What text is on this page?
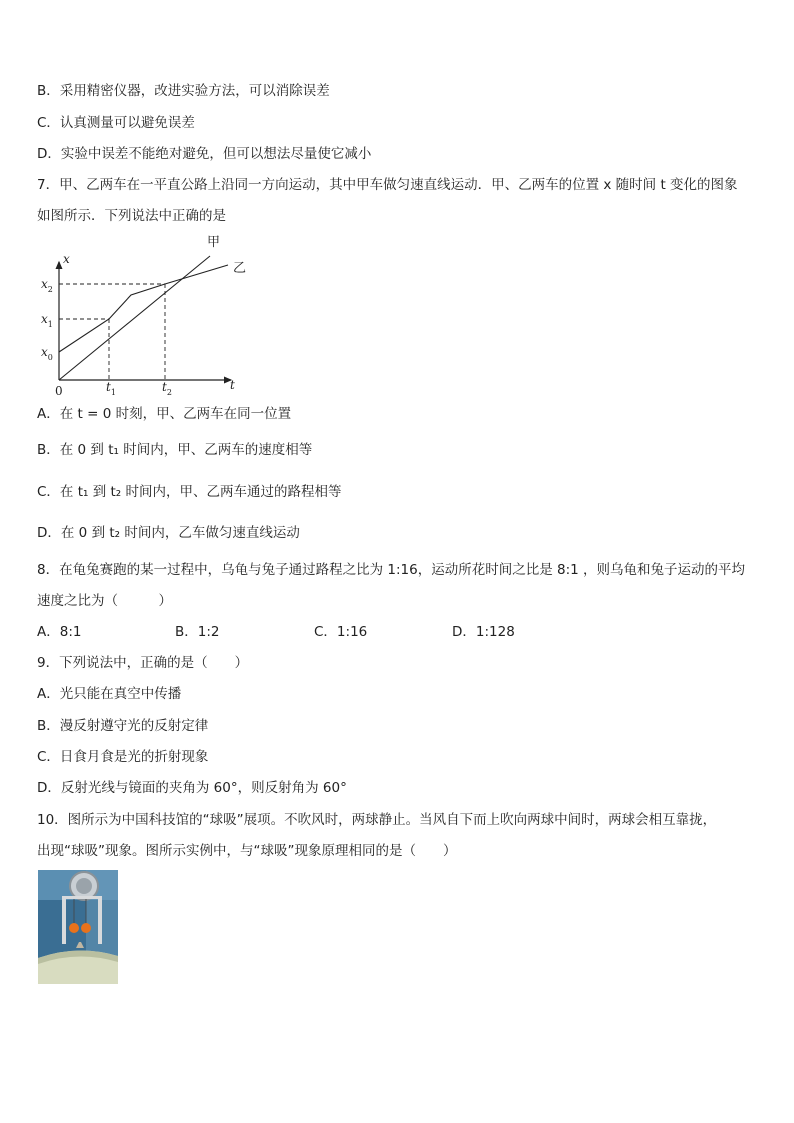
B．采用精密仪器，改进实验方法，可以消除误差
C．认真测量可以避免误差
D．实验中误差不能绝对避免，但可以想法尽量使它减小
7．甲、乙两车在一平直公路上沿同一方向运动，其中甲车做匀速直线运动．甲、乙两车的位置 x 随时间 t 变化的图象
如图所示．下列说法中正确的是
x
t
0
$x_2$
$x_1$
$x_0$
$t_1$	$t_2$
甲
乙
A．在 t = 0 时刻，甲、乙两车在同一位置
B．在 0 到 t₁ 时间内，甲、乙两车的速度相等
C．在 t₁ 到 t₂ 时间内，甲、乙两车通过的路程相等
D．在 0 到 t₂ 时间内，乙车做匀速直线运动
8．在龟兔赛跑的某一过程中，乌龟与兔子通过路程之比为 1:16，运动所花时间之比是 8:1 ，则乌龟和兔子运动的平均
速度之比为（　　　）
A．8:1	B．1:2	C．1:16	D．1:128
9．下列说法中，正确的是（　　）
A．光只能在真空中传播
B．漫反射遵守光的反射定律
C．日食月食是光的折射现象
D．反射光线与镜面的夹角为 60°，则反射角为 60°
10．图所示为中国科技馆的“球吸”展项。不吹风时，两球静止。当风自下而上吹向两球中间时，两球会相互靠拢，
出现“球吸”现象。图所示实例中，与“球吸”现象原理相同的是（　　）
